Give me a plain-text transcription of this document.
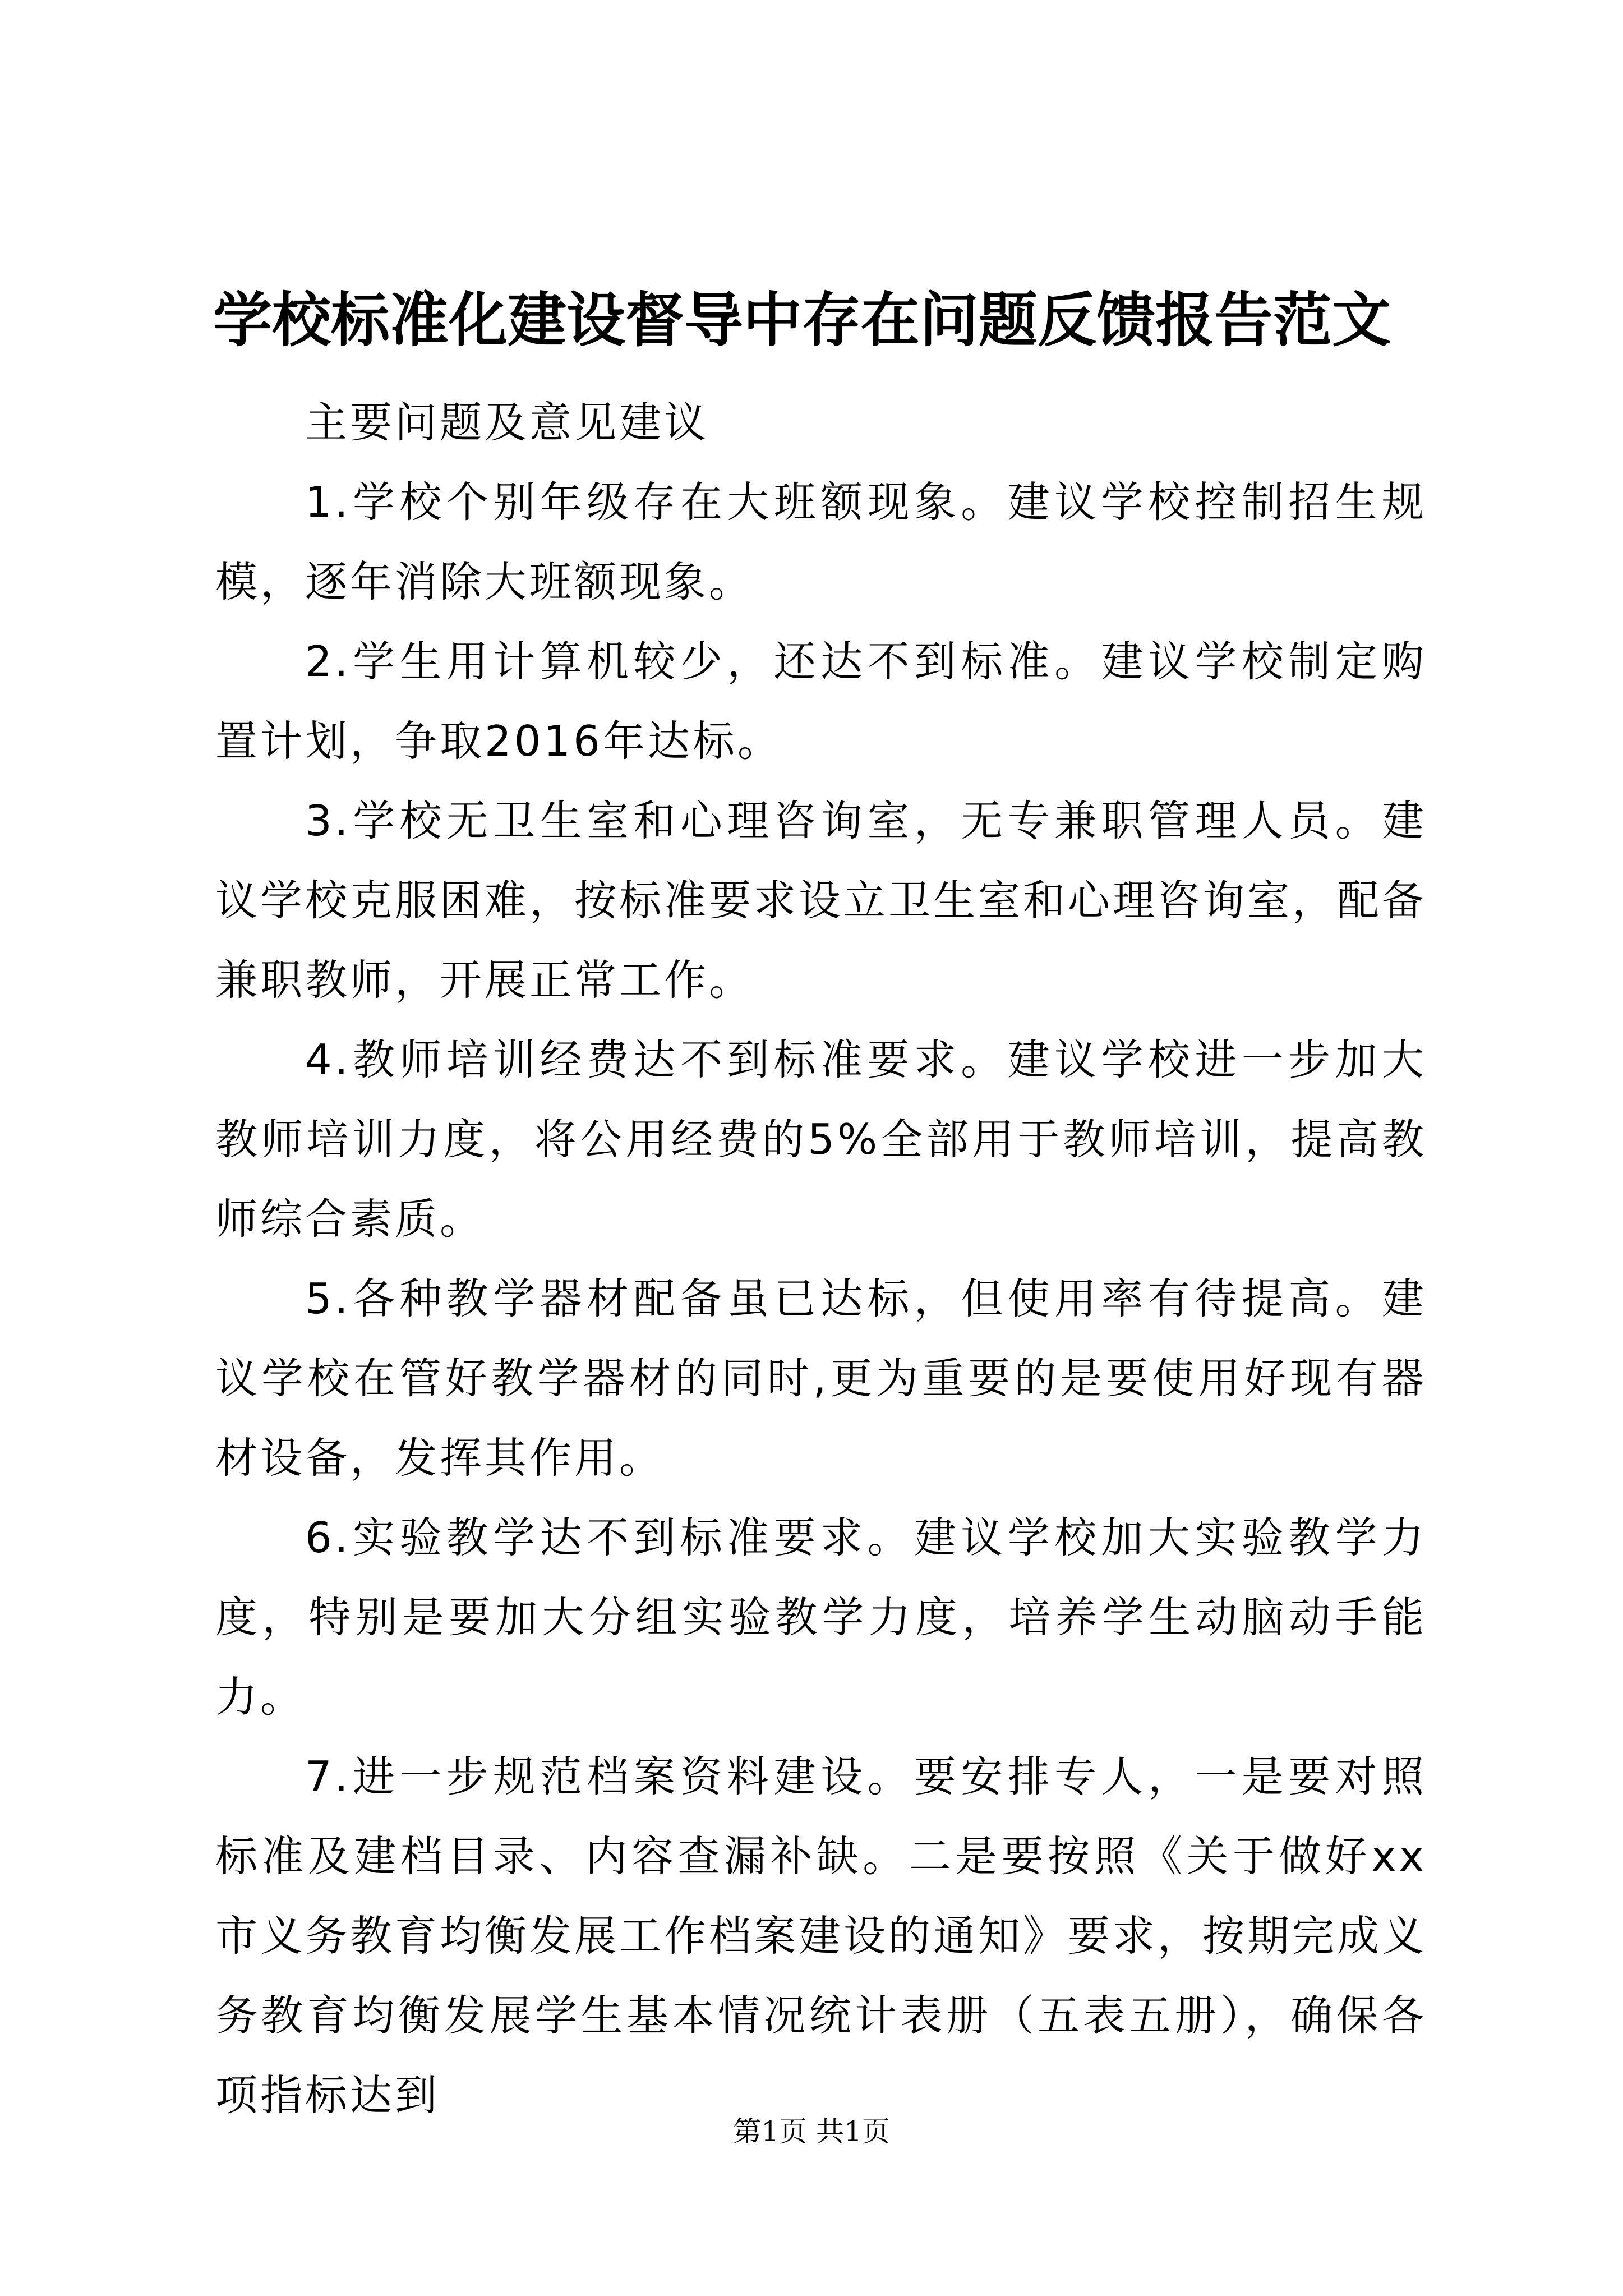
学校标准化建设督导中存在问题反馈报告范文

主要问题及意见建议

1.学校个别年级存在大班额现象。建议学校控制招生规模，逐年消除大班额现象。

2.学生用计算机较少，还达不到标准。建议学校制定购置计划，争取2016年达标。

3.学校无卫生室和心理咨询室，无专兼职管理人员。建议学校克服困难，按标准要求设立卫生室和心理咨询室，配备兼职教师，开展正常工作。

4.教师培训经费达不到标准要求。建议学校进一步加大教师培训力度，将公用经费的5%全部用于教师培训，提高教师综合素质。

5.各种教学器材配备虽已达标，但使用率有待提高。建议学校在管好教学器材的同时,更为重要的是要使用好现有器材设备，发挥其作用。

6.实验教学达不到标准要求。建议学校加大实验教学力度，特别是要加大分组实验教学力度，培养学生动脑动手能力。

7.进一步规范档案资料建设。要安排专人，一是要对照标准及建档目录、内容查漏补缺。二是要按照《关于做好xx市义务教育均衡发展工作档案建设的通知》要求，按期完成义务教育均衡发展学生基本情况统计表册（五表五册），确保各项指标达到

第1页 共1页
